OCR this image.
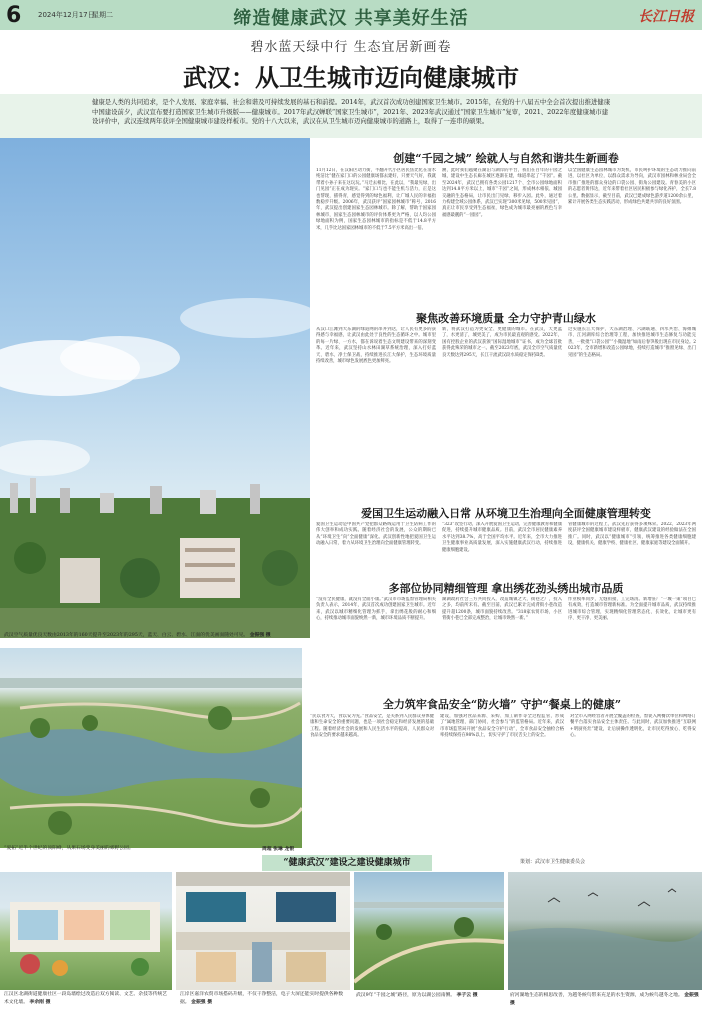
6 2024年12月17日
星期二	缔造健康武汉 共享美好生活	长江日报
碧水蓝天绿中行 生态宜居新画卷
武汉：从卫生城市迈向健康城市
健康是人类的共同追求，是个人发展、家庭幸福、社会和谐及可持续发展的基石和前提。2014年，武汉首次成功创建国家卫生城市。2015年，在党的十八届五中全会首次提出推进健康中国建设前夕，武汉宣布要打造国家卫生城市升级版——健康城市。2017年武汉蝉联“国家卫生城市”，2021年、2023年武汉通过“国家卫生城市”复审，2021、2022年度健康城市建设评价中，武汉连续两年获评全国健康城市建设样板市。党的十八大以来，武汉在从卫生城市迈向健康城市的道路上，取得了一连串的硕果。
武汉空气质量优良天数由2013年的160天提升至2023年的295天，蓝天、白云、碧水、江面的优美画面随处可见。 金振强 摄
创建“千园之城” 绘就人与自然和谐共生新画卷
11月12日，在汉阳区动力街，半翻开代小区居民焦比化在清水纯洁比“健在家门口的公园健康场都去建好，只要天气好，我就带着小孙子来在这玩玩。”马迁去相比，在此以，“我最见绿，出门见园”正在成为现实。“家门口与也不能生机与活力，正是这也帮现，描得青，感觉得到的绿色福利，让广城人民的幸福指数稳步升级。2006年，武汉获评“国家园林城市”称号，2016年，武汉提出创建国家生态园林城市。除了解，帮助于国家园林城市，国家生态园林城市的评价体系更为严格，以人均公园绿地面积为例，国家生态园林城市的指标是不低于14.8平方米，几乎比达国家园林城市的不低于7.5平方米高出一倍。
溯，此时我们越聚在湖泊与湖岸的平台，我们在百年的千园之城，建设中生态长廊在城区逐渐在建，绿道串起了“千园”。截至2024年，武汉已拥有各类公园1217个、全市公园绿地面积达到14.8平方米以上，城市“千园”之间，形成林水相依、城园交融的生态格局，让市民出门见绿、移步入园。此外，通过着力构建全域公园体系，武汉已实现“300米见绿，500米见园”，真正让市民享受到生态福祉，绿色成为城市最亮丽的底色与幸福感最靓的“一园园”。
以全国健康生态园林城市为契机，市民呵护环境的生态动力推向前进，以社区为单位，以群众需求为导向，武汉市园林和林业局会全市推广推进的群众身边的口袋公园、街角公园建设。青春美的小区的志愿者黄伟达，近年来带着社区居民积极参与绿化养护，全长7.8公里。数据显示，截至目前，武汉已建成绿色游步道1200余公里，累计开展各类生态实践活动，形成绿色共建共享的良好氛围。
聚焦改善环境质量 全力守护青山绿水
从汉口江滩到大东湖的绿道网的串并到达，让人民有更多的获得感与幸福感，让武汉由此处于良性的生态循环之中。城市里的每一片绿、一方水，都在诉说着生态文明建设带来的深刻变革。近年来，武汉坚持山水林田湖草系统治理，深入打好蓝天、碧水、净土保卫战，持续推进长江大保护，生态环境质量持续改善，城市绿色发展底色更加鲜亮。
新，将武汉打造为更安全、更健康的城市。在武汉，天更蓝了，水更清了，城更美了，成为市民最直观的感受。2022年，国有控股企业的武汉获颁“国际湿地城市”证书，成为全球首批获得此殊荣的城市之一。截至2023年底，武汉全市空气质量优良天数达到295天，长江干流武汉段水质稳定保持Ⅱ类。
过实施长江大保护、大东湖治理、六湖联通、四水共治、海绵城市、江河湖库综合治理等工程，加快推进城市生态修复与功能完善，一批批“口袋公园”“小微湿地”如雨后春笋般出现在市民身边。2023年，全市新增和改造公园绿地，持续打造城市“推窗见绿、出门见园”的生态格局。
爱国卫生运动融入日常 从环境卫生治理向全面健康管理转变
爱国卫生运动是中国共产党把群众路线运用于卫生防病工作的伟大创举和成功实践。随着经济社会的发展，公众的期盼已从“环境卫生”向“全面健康”深化。武汉创新性地把爱国卫生运动融入日常，着力从环境卫生治理向全面健康管理转变。
“323”攻坚行动，深入开展爱国卫生运动，完善健康教育和健康促进，持续提升城市健康品质。目前，武汉全市居民健康素养水平达到38.7%，高于全国平均水平。近年来，全市大力推进卫生健康事业高质量发展，深入实施健康武汉行动，持续推进健康细胞建设。
管健康城市的过程上，武汉先后获得多项殊荣。2022、2023年两度获评全国健康城市建设样板市，健康武汉建设的经验做法在全国推广。同时，武汉以“健康城市”引领，统筹推进各类健康细胞建设，健康机关、健康学校、健康社区、健康家庭等建设全面铺开。
多部位协同精细管理 拿出绣花劲头绣出城市品质
“没有全民健康，就没有全面小康。”武汉市市场监督管理局相关负责人表示，2014年，武汉首次成功创建国家卫生城市。近年来，武汉以城市精细化管理为抓手，拿出绣花般的耐心和细心，持续推动城市面貌焕然一新，城市环境品质不断提升。
湖湖政府社会三方共同投入，改造城镇之大、街巷之广，投入之多，均前所未有。截至目前，武汉已累计完成背街小巷改造提升超1200条，城市面貌持续改善。“318家农贸市场，小区背街小巷已全部完成整治，让城市焕然一新。”
作业模率同步，无缝衔接，工完场清。新增驻厂“一城一策”项目已有成效，打造城市管理新标准。为全面提升城市品质，武汉持续推进城市综合管理，实现精细化管理常态化、长效化，让城市更有序、更干净、更美丽。
“爱拓”近半个世纪的顶阳峰，从果石场变身美丽的郊野公园。	周超 张琳 龙银
全力筑牢食品安全“防火墙” 守护“餐桌上的健康”
“民以食为天，食以安为先。”食品安全，是关系到人民群众身体健康和生命安全的重要问题，也是一项社会稳定和经济发展的基础工程。随着经济社会的发展和人民生活水平的提高，人民群众对食品安全的要求越来越高。
建设，加强对食品来源、采购、加工制作等全过程监管，形成了“属地管理、部门协同、社会参与”的监管格局。近年来，武汉市市场监管局开展“食品安全守护行动”，全市食品安全抽检合格率持续保持在98%以上，切实守护了市民舌尖上的安全。
对全市入网经营者开展全覆盖的检查，督促入网餐饮单位和网络订餐平台落实食品安全主体责任。与此同时，武汉加快推进“互联网+明厨亮灶”建设，让后厨操作透明化，让市民吃得放心、吃得安心。
“健康武汉”建设之建设健康城市	策划：武汉市卫生健康委员会
江汉区北湖街道健康社区一段岛墙绘过改造后双方阅读、文艺、杂技等传统艺术文化墙。 李余刚 摄
江岸区嘉洋农贸市场搭码升级，不仅干净整洁，电子大屏还能实时提供各种数据。 金振强 摄
武汉9年“千园之城”路径，原为以湖公园南侧。 李子云 摄	府河湖地生态的相思改善，为越冬候鸟带来充足的水生资源，成为候鸟越冬之地。 金振强 摄
